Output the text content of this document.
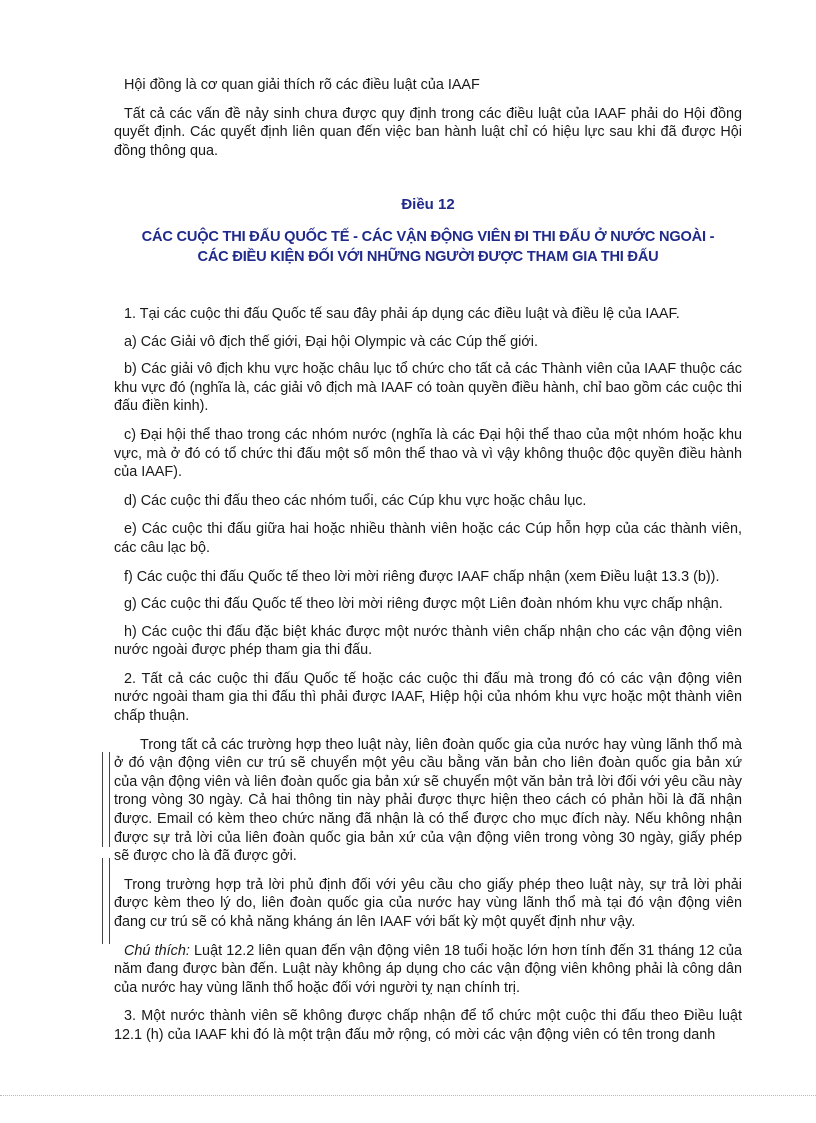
Hội đồng là cơ quan giải thích rõ các điều luật của IAAF

Tất cả các vấn đề nảy sinh chưa được quy định trong các điều luật của IAAF phải do Hội đồng quyết định. Các quyết định liên quan đến việc ban hành luật chỉ có hiệu lực sau khi đã được Hội đồng thông qua.

Điều 12
CÁC CUỘC THI ĐẤU QUỐC TẾ - CÁC VẬN ĐỘNG VIÊN ĐI THI ĐẤU Ở NƯỚC NGOÀI -
CÁC ĐIỀU KIỆN ĐỐI VỚI NHỮNG NGƯỜI ĐƯỢC THAM GIA THI ĐẤU

1. Tại các cuộc thi đấu Quốc tế sau đây phải áp dụng các điều luật và điều lệ của IAAF.

a) Các Giải vô địch thế giới, Đại hội Olympic và các Cúp thế giới.

b) Các giải vô địch khu vực hoặc châu lục tổ chức cho tất cả các Thành viên của IAAF thuộc các khu vực đó (nghĩa là, các giải vô địch mà IAAF có toàn quyền điều hành, chỉ bao gồm các cuộc thi đấu điền kinh).

c) Đại hội thể thao trong các nhóm nước (nghĩa là các Đại hội thể thao của một nhóm hoặc khu vực, mà ở đó có tổ chức thi đấu một số môn thể thao và vì vậy không thuộc độc quyền điều hành của IAAF).

d) Các cuộc thi đấu theo các nhóm tuổi, các Cúp khu vực hoặc châu lục.

e) Các cuộc thi đấu giữa hai hoặc nhiều thành viên hoặc các Cúp hỗn hợp của các thành viên, các câu lạc bộ.

f) Các cuộc thi đấu Quốc tế theo lời mời riêng được IAAF chấp nhận (xem Điều luật 13.3 (b)).

g) Các cuộc thi đấu Quốc tế theo lời mời riêng được một Liên đoàn nhóm khu vực chấp nhận.

h) Các cuộc thi đấu đặc biệt khác được một nước thành viên chấp nhận cho các vận động viên nước ngoài được phép tham gia thi đấu.

2. Tất cả các cuộc thi đấu Quốc tế hoặc các cuộc thi đấu mà trong đó có các vận động viên nước ngoài tham gia thi đấu thì phải được IAAF, Hiệp hội của nhóm khu vực hoặc một thành viên chấp thuận.

Trong tất cả các trường hợp theo luật này, liên đoàn quốc gia của nước hay vùng lãnh thổ mà ở đó vận động viên cư trú sẽ chuyển một yêu cầu bằng văn bản cho liên đoàn quốc gia bản xứ của vận động viên và liên đoàn quốc gia bản xứ sẽ chuyển một văn bản trả lời đối với yêu cầu này trong vòng 30 ngày. Cả hai thông tin này phải được thực hiện theo cách có phản hồi là đã nhận được. Email có kèm theo chức năng đã nhận là có thể được cho mục đích này. Nếu không nhận được sự trả lời của liên đoàn quốc gia bản xứ của vận động viên trong vòng 30 ngày, giấy phép sẽ được cho là đã được gởi.

Trong trường hợp trả lời phủ định đối với yêu cầu cho giấy phép theo luật này, sự trả lời phải được kèm theo lý do, liên đoàn quốc gia của nước hay vùng lãnh thổ mà tại đó vận động viên đang cư trú sẽ có khả năng kháng án lên IAAF với bất kỳ một quyết định như vậy.

Chú thích: Luật 12.2 liên quan đến vận động viên 18 tuổi hoặc lớn hơn tính đến 31 tháng 12 của năm đang được bàn đến. Luật này không áp dụng cho các vận động viên không phải là công dân của nước hay vùng lãnh thổ hoặc đối với người tỵ nạn chính trị.

3. Một nước thành viên sẽ không được chấp nhận để tổ chức một cuộc thi đấu theo Điều luật 12.1 (h) của IAAF khi đó là một trận đấu mở rộng, có mời các vận động viên có tên trong danh
